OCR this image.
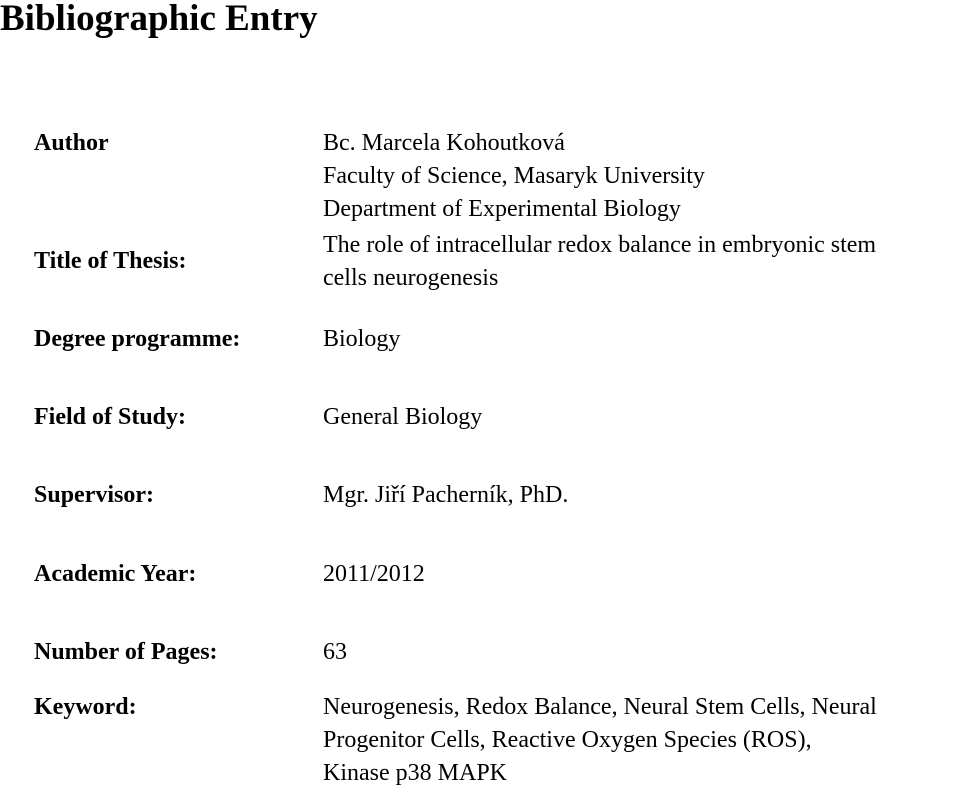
Bibliographic Entry
Author	Bc. Marcela Kohoutková
Faculty of Science, Masaryk University
Department of Experimental Biology
Title of Thesis:
The role of intracellular redox balance in embryonic stem
cells neurogenesis
Degree programme:	Biology
Field of Study:	General Biology
Supervisor:	Mgr. Jiří Pacherník, PhD.
Academic Year:	2011/2012
Number of Pages:	63
Keyword:	Neurogenesis, Redox Balance, Neural Stem Cells, Neural
Progenitor Cells, Reactive Oxygen Species (ROS),
Kinase p38 MAPK
